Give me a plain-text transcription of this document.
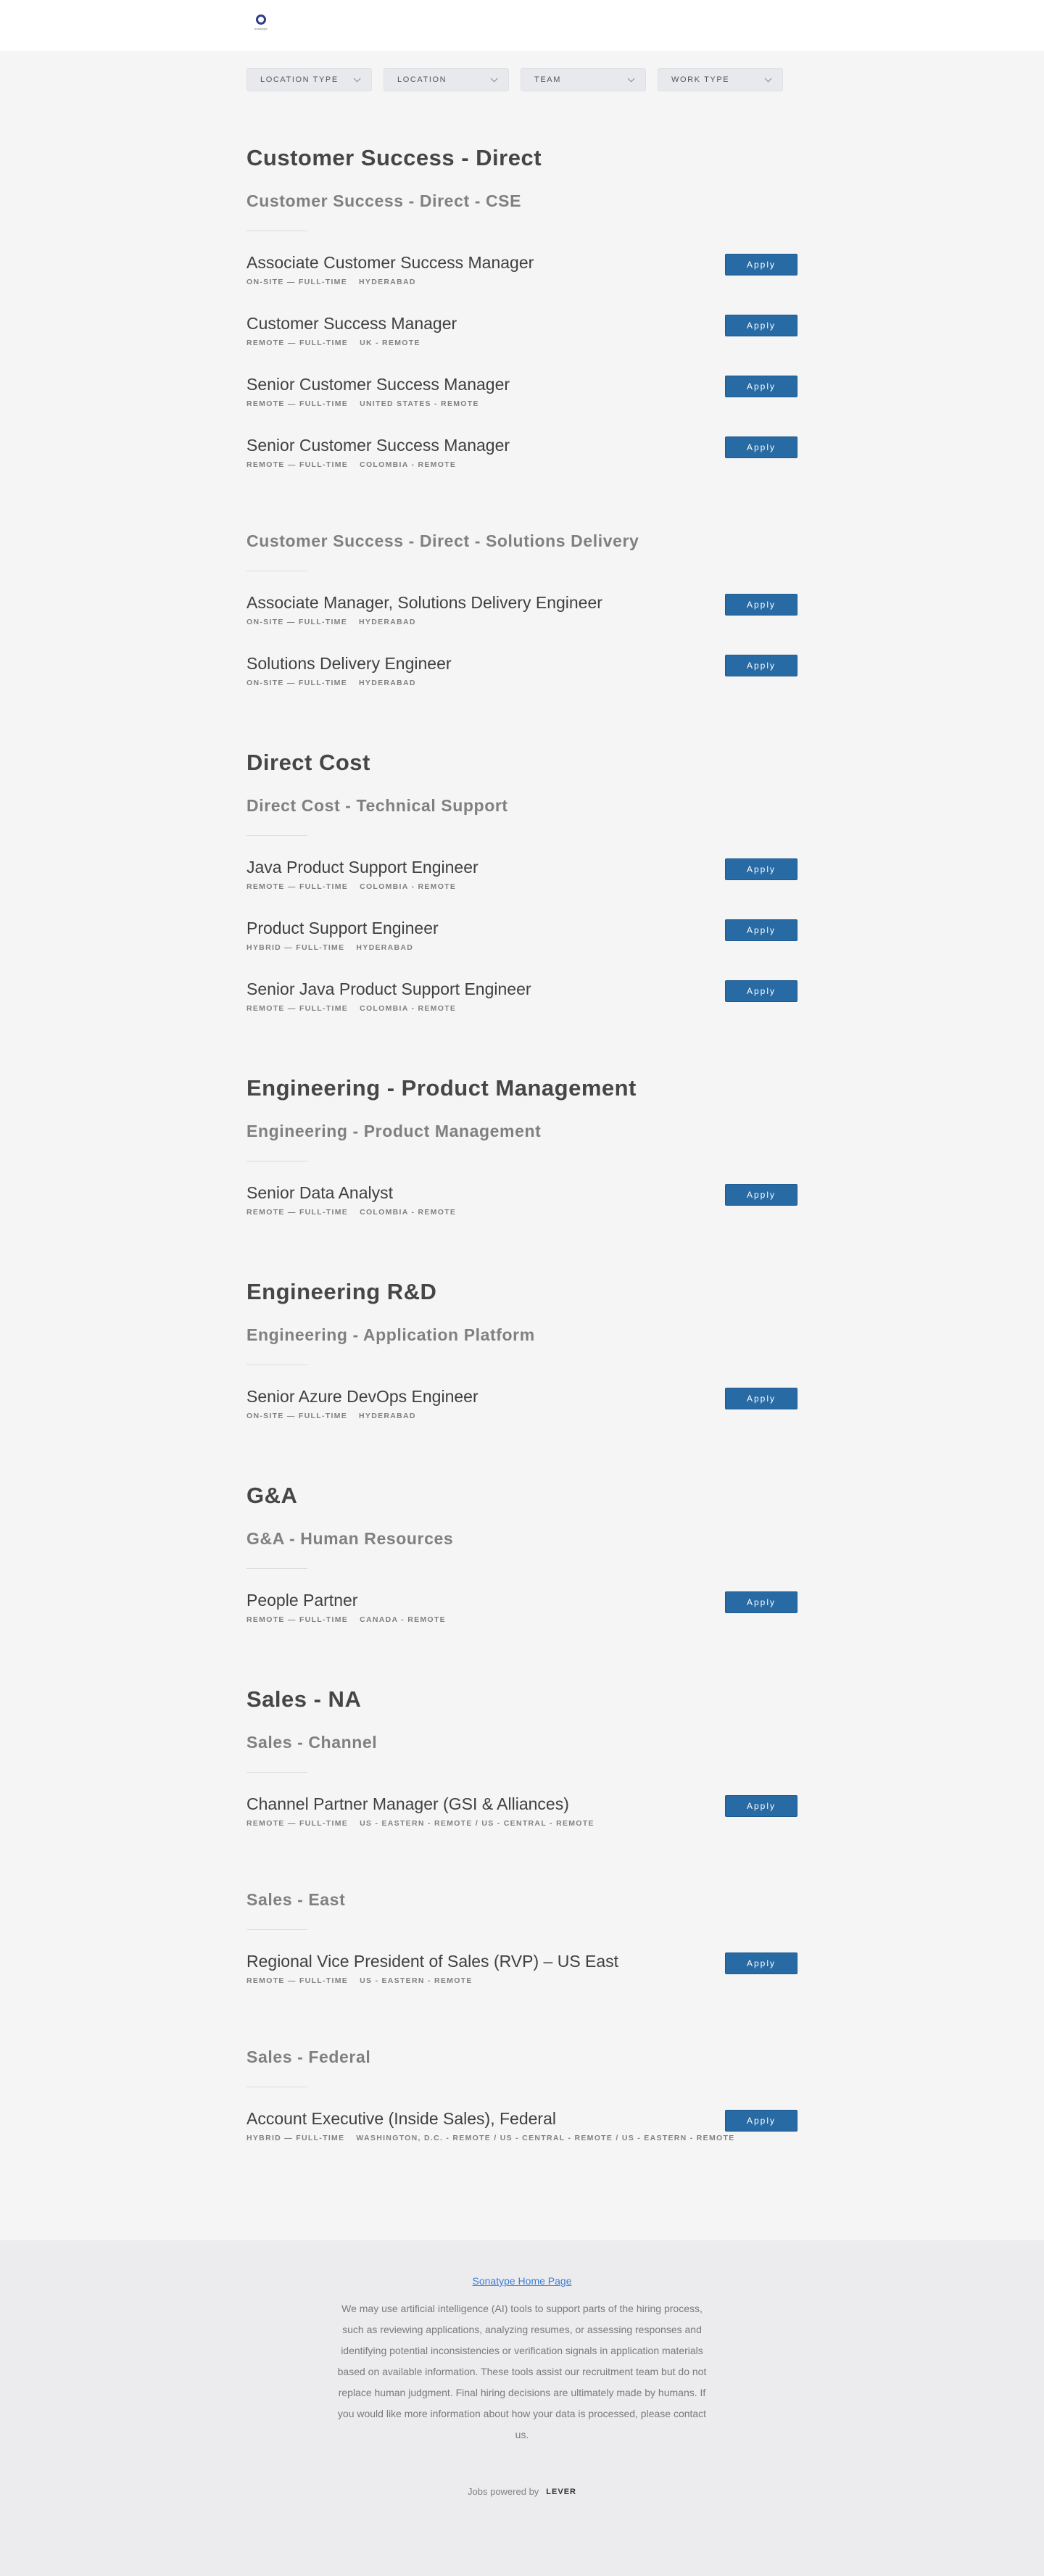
sonatype
LOCATION TYPE	LOCATION	TEAM	WORK TYPE
Customer Success - Direct
Customer Success - Direct - CSE
Associate Customer Success Manager
ON-SITE — FULL-TIME HYDERABAD
Apply
Customer Success Manager
REMOTE — FULL-TIME UK - REMOTE
Apply
Senior Customer Success Manager
REMOTE — FULL-TIME UNITED STATES - REMOTE
Apply
Senior Customer Success Manager
REMOTE — FULL-TIME COLOMBIA - REMOTE
Apply
Customer Success - Direct - Solutions Delivery
Associate Manager, Solutions Delivery Engineer
ON-SITE — FULL-TIME HYDERABAD
Apply
Solutions Delivery Engineer
ON-SITE — FULL-TIME HYDERABAD
Apply
Direct Cost
Direct Cost - Technical Support
Java Product Support Engineer
REMOTE — FULL-TIME COLOMBIA - REMOTE
Apply
Product Support Engineer
HYBRID — FULL-TIME HYDERABAD
Apply
Senior Java Product Support Engineer
REMOTE — FULL-TIME COLOMBIA - REMOTE
Apply
Engineering - Product Management
Engineering - Product Management
Senior Data Analyst
REMOTE — FULL-TIME COLOMBIA - REMOTE
Apply
Engineering R&D
Engineering - Application Platform
Senior Azure DevOps Engineer
ON-SITE — FULL-TIME HYDERABAD
Apply
G&A
G&A - Human Resources
People Partner
REMOTE — FULL-TIME CANADA - REMOTE
Apply
Sales - NA
Sales - Channel
Channel Partner Manager (GSI & Alliances)
REMOTE — FULL-TIME US - EASTERN - REMOTE / US - CENTRAL - REMOTE
Apply
Sales - East
Regional Vice President of Sales (RVP) – US East
REMOTE — FULL-TIME US - EASTERN - REMOTE
Apply
Sales - Federal
Account Executive (Inside Sales), Federal
HYBRID — FULL-TIME WASHINGTON, D.C. - REMOTE / US - CENTRAL - REMOTE / US - EASTERN - REMOTE
Apply
Sonatype Home Page

We may use artificial intelligence (AI) tools to support parts of the hiring process, such as reviewing applications, analyzing resumes, or assessing responses and identifying potential inconsistencies or verification signals in application materials based on available information. These tools assist our recruitment team but do not replace human judgment. Final hiring decisions are ultimately made by humans. If you would like more information about how your data is processed, please contact us.

Jobs powered by LEVER
